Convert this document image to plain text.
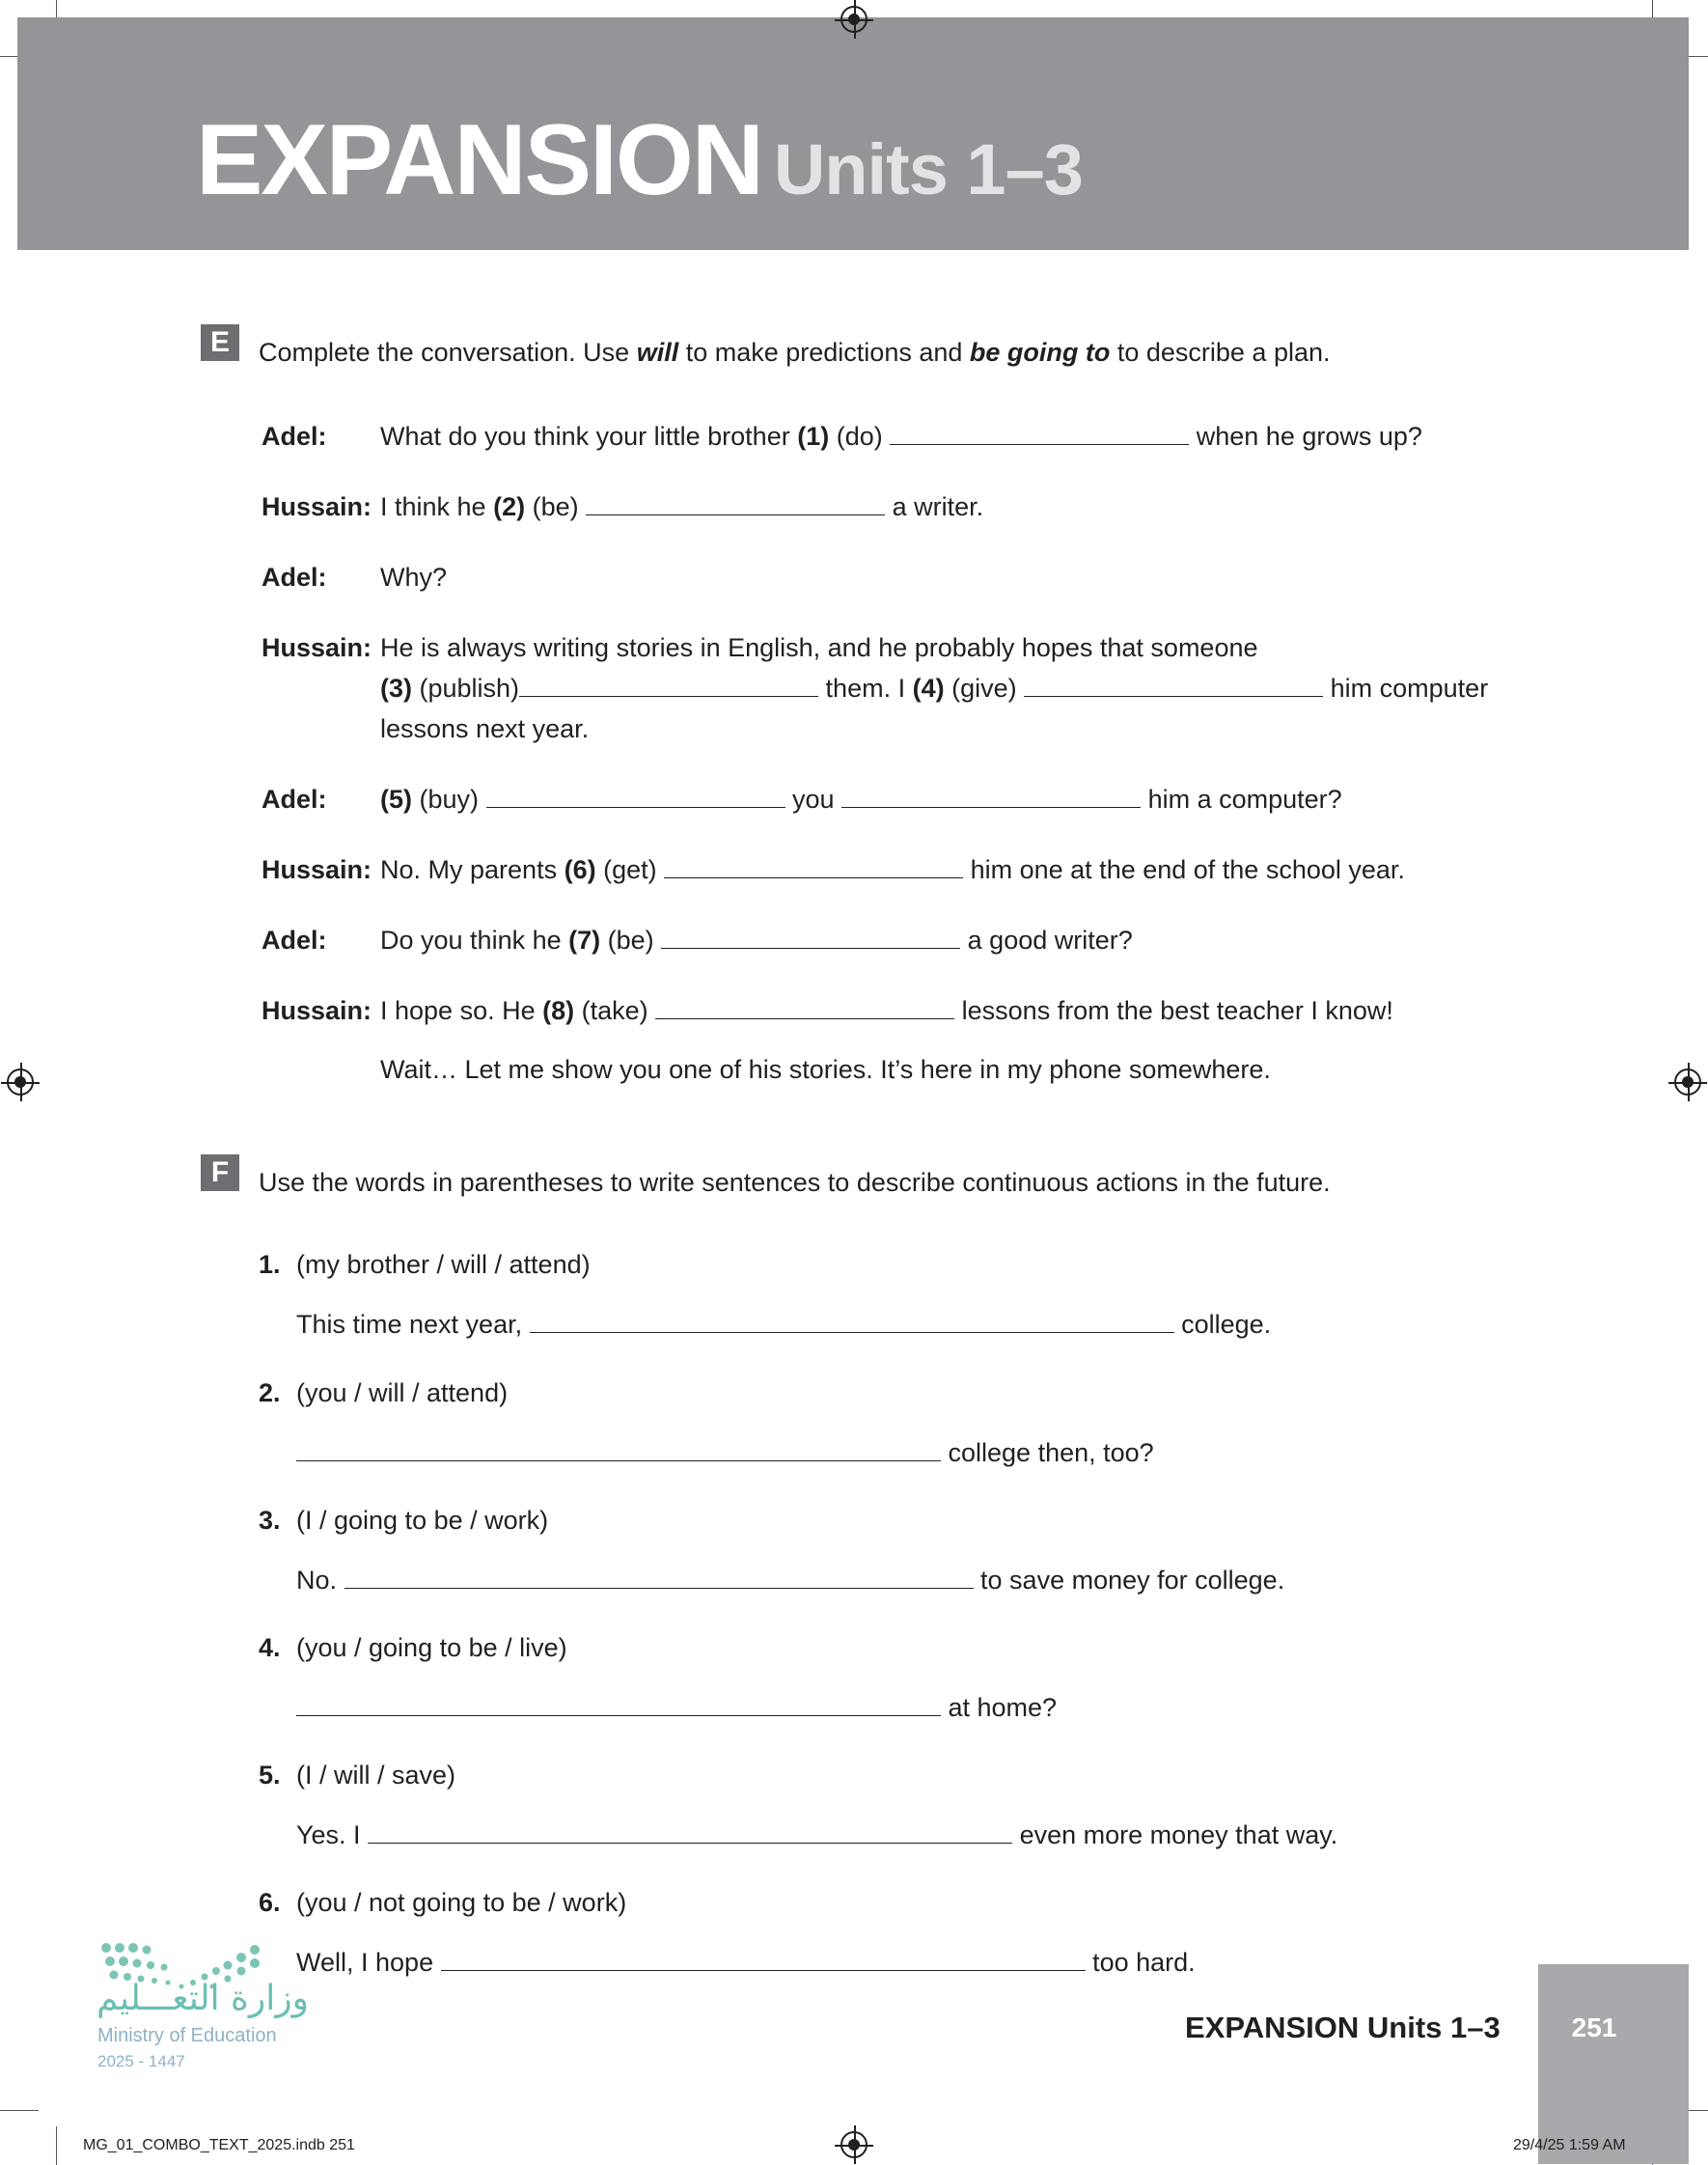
EXPANSION Units 1–3
E	Complete the conversation. Use will to make predictions and be going to to describe a plan.
Adel: What do you think your little brother (1) (do)	when he grows up?
Hussain: I think he (2) (be)	a writer.
Adel: Why?
Hussain: He is always writing stories in English, and he probably hopes that someone
(3) (publish)	them. I (4) (give)	him computer
lessons next year.
Adel: (5) (buy)	you	him a computer?
Hussain: No. My parents (6) (get)	him one at the end of the school year.
Adel: Do you think he (7) (be)	a good writer?
Hussain: I hope so. He (8) (take)	lessons from the best teacher I know!
Wait… Let me show you one of his stories. It’s here in my phone somewhere.
F	Use the words in parentheses to write sentences to describe continuous actions in the future.
1. (my brother / will / attend)
This time next year,	college.
2. (you / will / attend)
college then, too?
3. (I / going to be / work)
No.	to save money for college.
4. (you / going to be / live)
at home?
5. (I / will / save)
Yes. I	even more money that way.
6. (you / not going to be / work)
Well, I hope	too hard.
وزارة التعـــليم
Ministry of Education
2025 - 1447
251
EXPANSION Units 1–3
MG_01_COMBO_TEXT_2025.indb 251	29/4/25 1:59 AM
